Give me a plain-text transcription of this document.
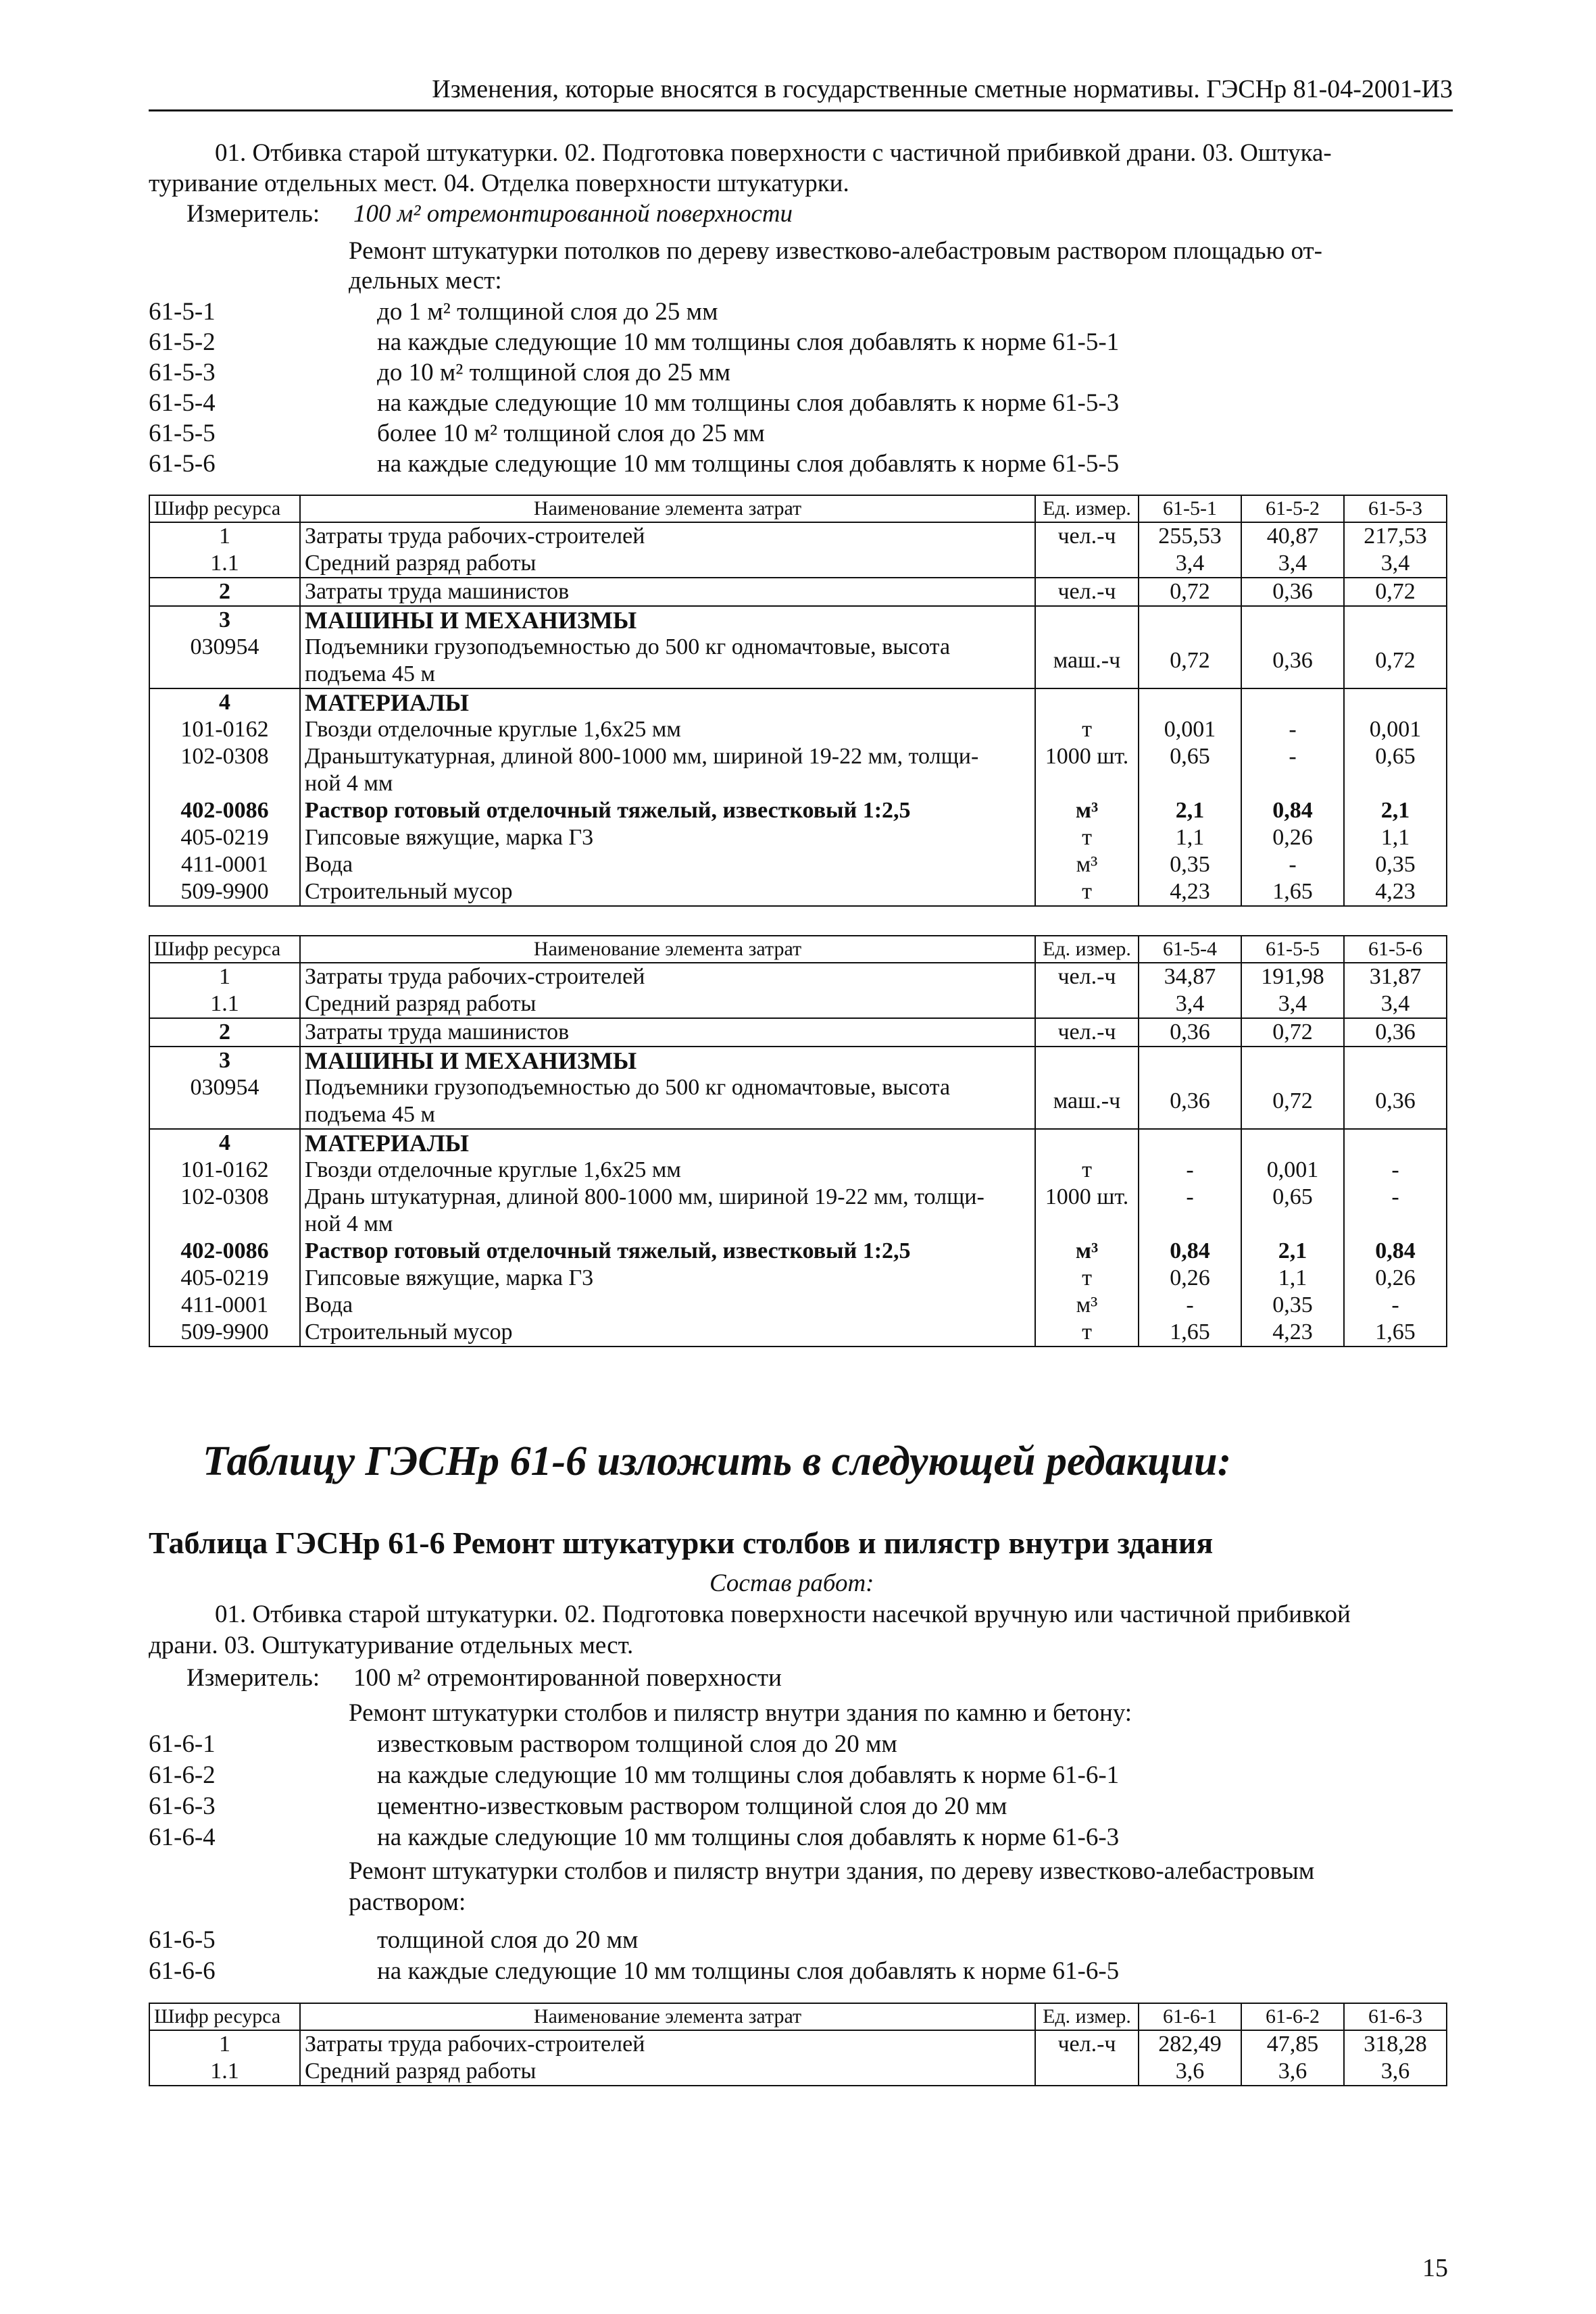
Изменения, которые вносятся в государственные сметные нормативы. ГЭСНр 81-04-2001-И3
01. Отбивка старой штукатурки. 02. Подготовка поверхности с частичной прибивкой драни. 03. Оштука-
туривание отдельных мест. 04. Отделка поверхности штукатурки.
Измеритель: 100 м² отремонтированной поверхности
Ремонт штукатурки потолков по дереву известково-алебастровым раствором площадью от-
дельных мест:
61-5-1	до 1 м² толщиной слоя до 25 мм
61-5-2	на каждые следующие 10 мм толщины слоя добавлять к норме 61-5-1
61-5-3	до 10 м² толщиной слоя до 25 мм
61-5-4	на каждые следующие 10 мм толщины слоя добавлять к норме 61-5-3
61-5-5	более 10 м² толщиной слоя до 25 мм
61-5-6	на каждые следующие 10 мм толщины слоя добавлять к норме 61-5-5
Шифр ресурса	Наименование элемента затрат	Ед. измер.	61-5-1	61-5-2	61-5-3
1	Затраты труда рабочих-строителей	чел.-ч	255,53	40,87	217,53
1.1	Средний разряд работы		3,4	3,4	3,4
2	Затраты труда машинистов	чел.-ч	0,72	0,36	0,72
3	МАШИНЫ И МЕХАНИЗМЫ				
030954	Подъемники грузоподъемностью до 500 кг одномачтовые, высота
подъема 45 м	маш.-ч	0,72	0,36	0,72
4	МАТЕРИАЛЫ				
101-0162	Гвозди отделочные круглые 1,6х25 мм	т	0,001	-	0,001
102-0308	Драньштукатурная, длиной 800-1000 мм, шириной 19-22 мм, толщи-
ной 4 мм	1000 шт.	0,65	-	0,65
402-0086	Раствор готовый отделочный тяжелый, известковый 1:2,5	м³	2,1	0,84	2,1
405-0219	Гипсовые вяжущие, марка Г3	т	1,1	0,26	1,1
411-0001	Вода	м³	0,35	-	0,35
509-9900	Строительный мусор	т	4,23	1,65	4,23
Шифр ресурса	Наименование элемента затрат	Ед. измер.	61-5-4	61-5-5	61-5-6
1	Затраты труда рабочих-строителей	чел.-ч	34,87	191,98	31,87
1.1	Средний разряд работы		3,4	3,4	3,4
2	Затраты труда машинистов	чел.-ч	0,36	0,72	0,36
3	МАШИНЫ И МЕХАНИЗМЫ				
030954	Подъемники грузоподъемностью до 500 кг одномачтовые, высота
подъема 45 м	маш.-ч	0,36	0,72	0,36
4	МАТЕРИАЛЫ				
101-0162	Гвозди отделочные круглые 1,6х25 мм	т	-	0,001	-
102-0308	Дрань штукатурная, длиной 800-1000 мм, шириной 19-22 мм, толщи-
ной 4 мм	1000 шт.	-	0,65	-
402-0086	Раствор готовый отделочный тяжелый, известковый 1:2,5	м³	0,84	2,1	0,84
405-0219	Гипсовые вяжущие, марка Г3	т	0,26	1,1	0,26
411-0001	Вода	м³	-	0,35	-
509-9900	Строительный мусор	т	1,65	4,23	1,65
Таблицу ГЭСНр 61-6 изложить в следующей редакции:
Таблица ГЭСНр 61-6 Ремонт штукатурки столбов и пилястр внутри здания
Состав работ:
01. Отбивка старой штукатурки. 02. Подготовка поверхности насечкой вручную или частичной прибивкой
драни. 03. Оштукатуривание отдельных мест.
Измеритель: 100 м² отремонтированной поверхности
Ремонт штукатурки столбов и пилястр внутри здания по камню и бетону:
61-6-1	известковым раствором толщиной слоя до 20 мм
61-6-2	на каждые следующие 10 мм толщины слоя добавлять к норме 61-6-1
61-6-3	цементно-известковым раствором толщиной слоя до 20 мм
61-6-4	на каждые следующие 10 мм толщины слоя добавлять к норме 61-6-3
Ремонт штукатурки столбов и пилястр внутри здания, по дереву известково-алебастровым
раствором:
61-6-5	толщиной слоя до 20 мм
61-6-6	на каждые следующие 10 мм толщины слоя добавлять к норме 61-6-5
Шифр ресурса	Наименование элемента затрат	Ед. измер.	61-6-1	61-6-2	61-6-3
1	Затраты труда рабочих-строителей	чел.-ч	282,49	47,85	318,28
1.1	Средний разряд работы		3,6	3,6	3,6
15
